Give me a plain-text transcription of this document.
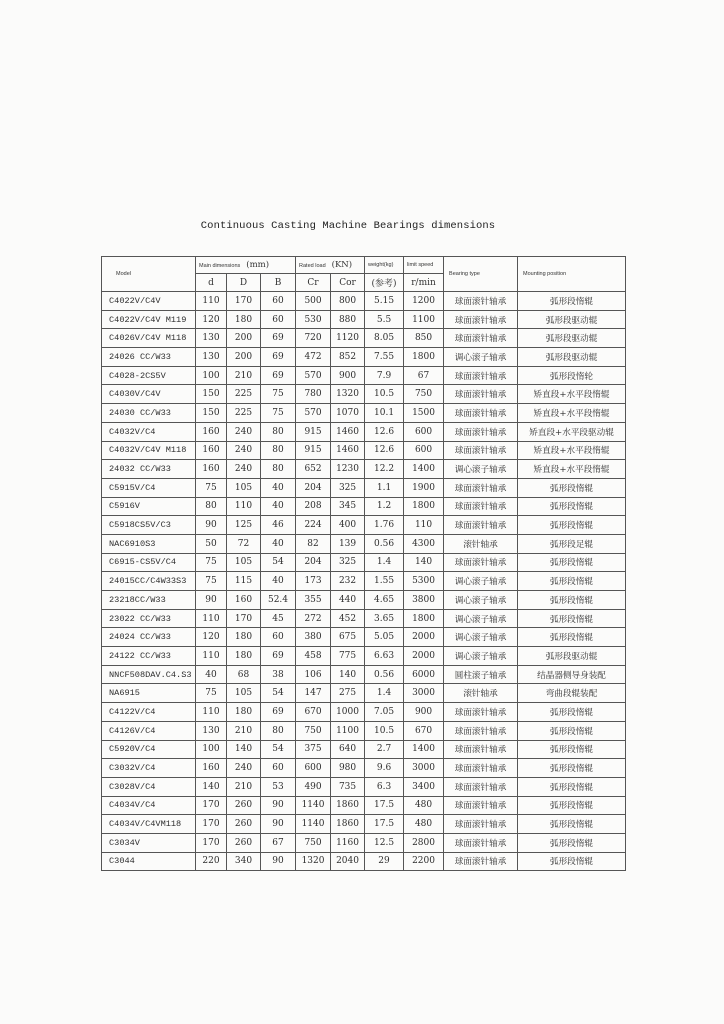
Continuous Casting Machine Bearings dimensions
Model	Main dimensions (mm)			Rated load (KN)		weight(kg)	limit speed	Bearing type	Mounting position
	d	D	B	Cr	Cor	(参考)	r/min		
C4022V/C4V	110	170	60	500	800	5.15	1200	球面滚针轴承	弧形段惰辊
C4022V/C4V M119	120	180	60	530	880	5.5	1100	球面滚针轴承	弧形段驱动辊
C4026V/C4V M118	130	200	69	720	1120	8.05	850	球面滚针轴承	弧形段驱动辊
24026 CC/W33	130	200	69	472	852	7.55	1800	调心滚子轴承	弧形段驱动辊
C4028-2CS5V	100	210	69	570	900	7.9	67	球面滚针轴承	弧形段惰轮
C4030V/C4V	150	225	75	780	1320	10.5	750	球面滚针轴承	矫直段+水平段惰辊
24030 CC/W33	150	225	75	570	1070	10.1	1500	球面滚针轴承	矫直段+水平段惰辊
C4032V/C4	160	240	80	915	1460	12.6	600	球面滚针轴承	矫直段+水平段驱动辊
C4032V/C4V M118	160	240	80	915	1460	12.6	600	球面滚针轴承	矫直段+水平段惰辊
24032 CC/W33	160	240	80	652	1230	12.2	1400	调心滚子轴承	矫直段+水平段惰辊
C5915V/C4	75	105	40	204	325	1.1	1900	球面滚针轴承	弧形段惰辊
C5916V	80	110	40	208	345	1.2	1800	球面滚针轴承	弧形段惰辊
C5918CS5V/C3	90	125	46	224	400	1.76	110	球面滚针轴承	弧形段惰辊
NAC6910S3	50	72	40	82	139	0.56	4300	滚针轴承	弧形段足辊
C6915-CS5V/C4	75	105	54	204	325	1.4	140	球面滚针轴承	弧形段惰辊
24015CC/C4W33S3	75	115	40	173	232	1.55	5300	调心滚子轴承	弧形段惰辊
23218CC/W33	90	160	52.4	355	440	4.65	3800	调心滚子轴承	弧形段惰辊
23022 CC/W33	110	170	45	272	452	3.65	1800	调心滚子轴承	弧形段惰辊
24024 CC/W33	120	180	60	380	675	5.05	2000	调心滚子轴承	弧形段惰辊
24122 CC/W33	110	180	69	458	775	6.63	2000	调心滚子轴承	弧形段驱动辊
NNCF508DAV.C4.S3	40	68	38	106	140	0.56	6000	圆柱滚子轴承	结晶器侧导身装配
NA6915	75	105	54	147	275	1.4	3000	滚针轴承	弯曲段辊装配
C4122V/C4	110	180	69	670	1000	7.05	900	球面滚针轴承	弧形段惰辊
C4126V/C4	130	210	80	750	1100	10.5	670	球面滚针轴承	弧形段惰辊
C5920V/C4	100	140	54	375	640	2.7	1400	球面滚针轴承	弧形段惰辊
C3032V/C4	160	240	60	600	980	9.6	3000	球面滚针轴承	弧形段惰辊
C3028V/C4	140	210	53	490	735	6.3	3400	球面滚针轴承	弧形段惰辊
C4034V/C4	170	260	90	1140	1860	17.5	480	球面滚针轴承	弧形段惰辊
C4034V/C4VM118	170	260	90	1140	1860	17.5	480	球面滚针轴承	弧形段惰辊
C3034V	170	260	67	750	1160	12.5	2800	球面滚针轴承	弧形段惰辊
C3044	220	340	90	1320	2040	29	2200	球面滚针轴承	弧形段惰辊
